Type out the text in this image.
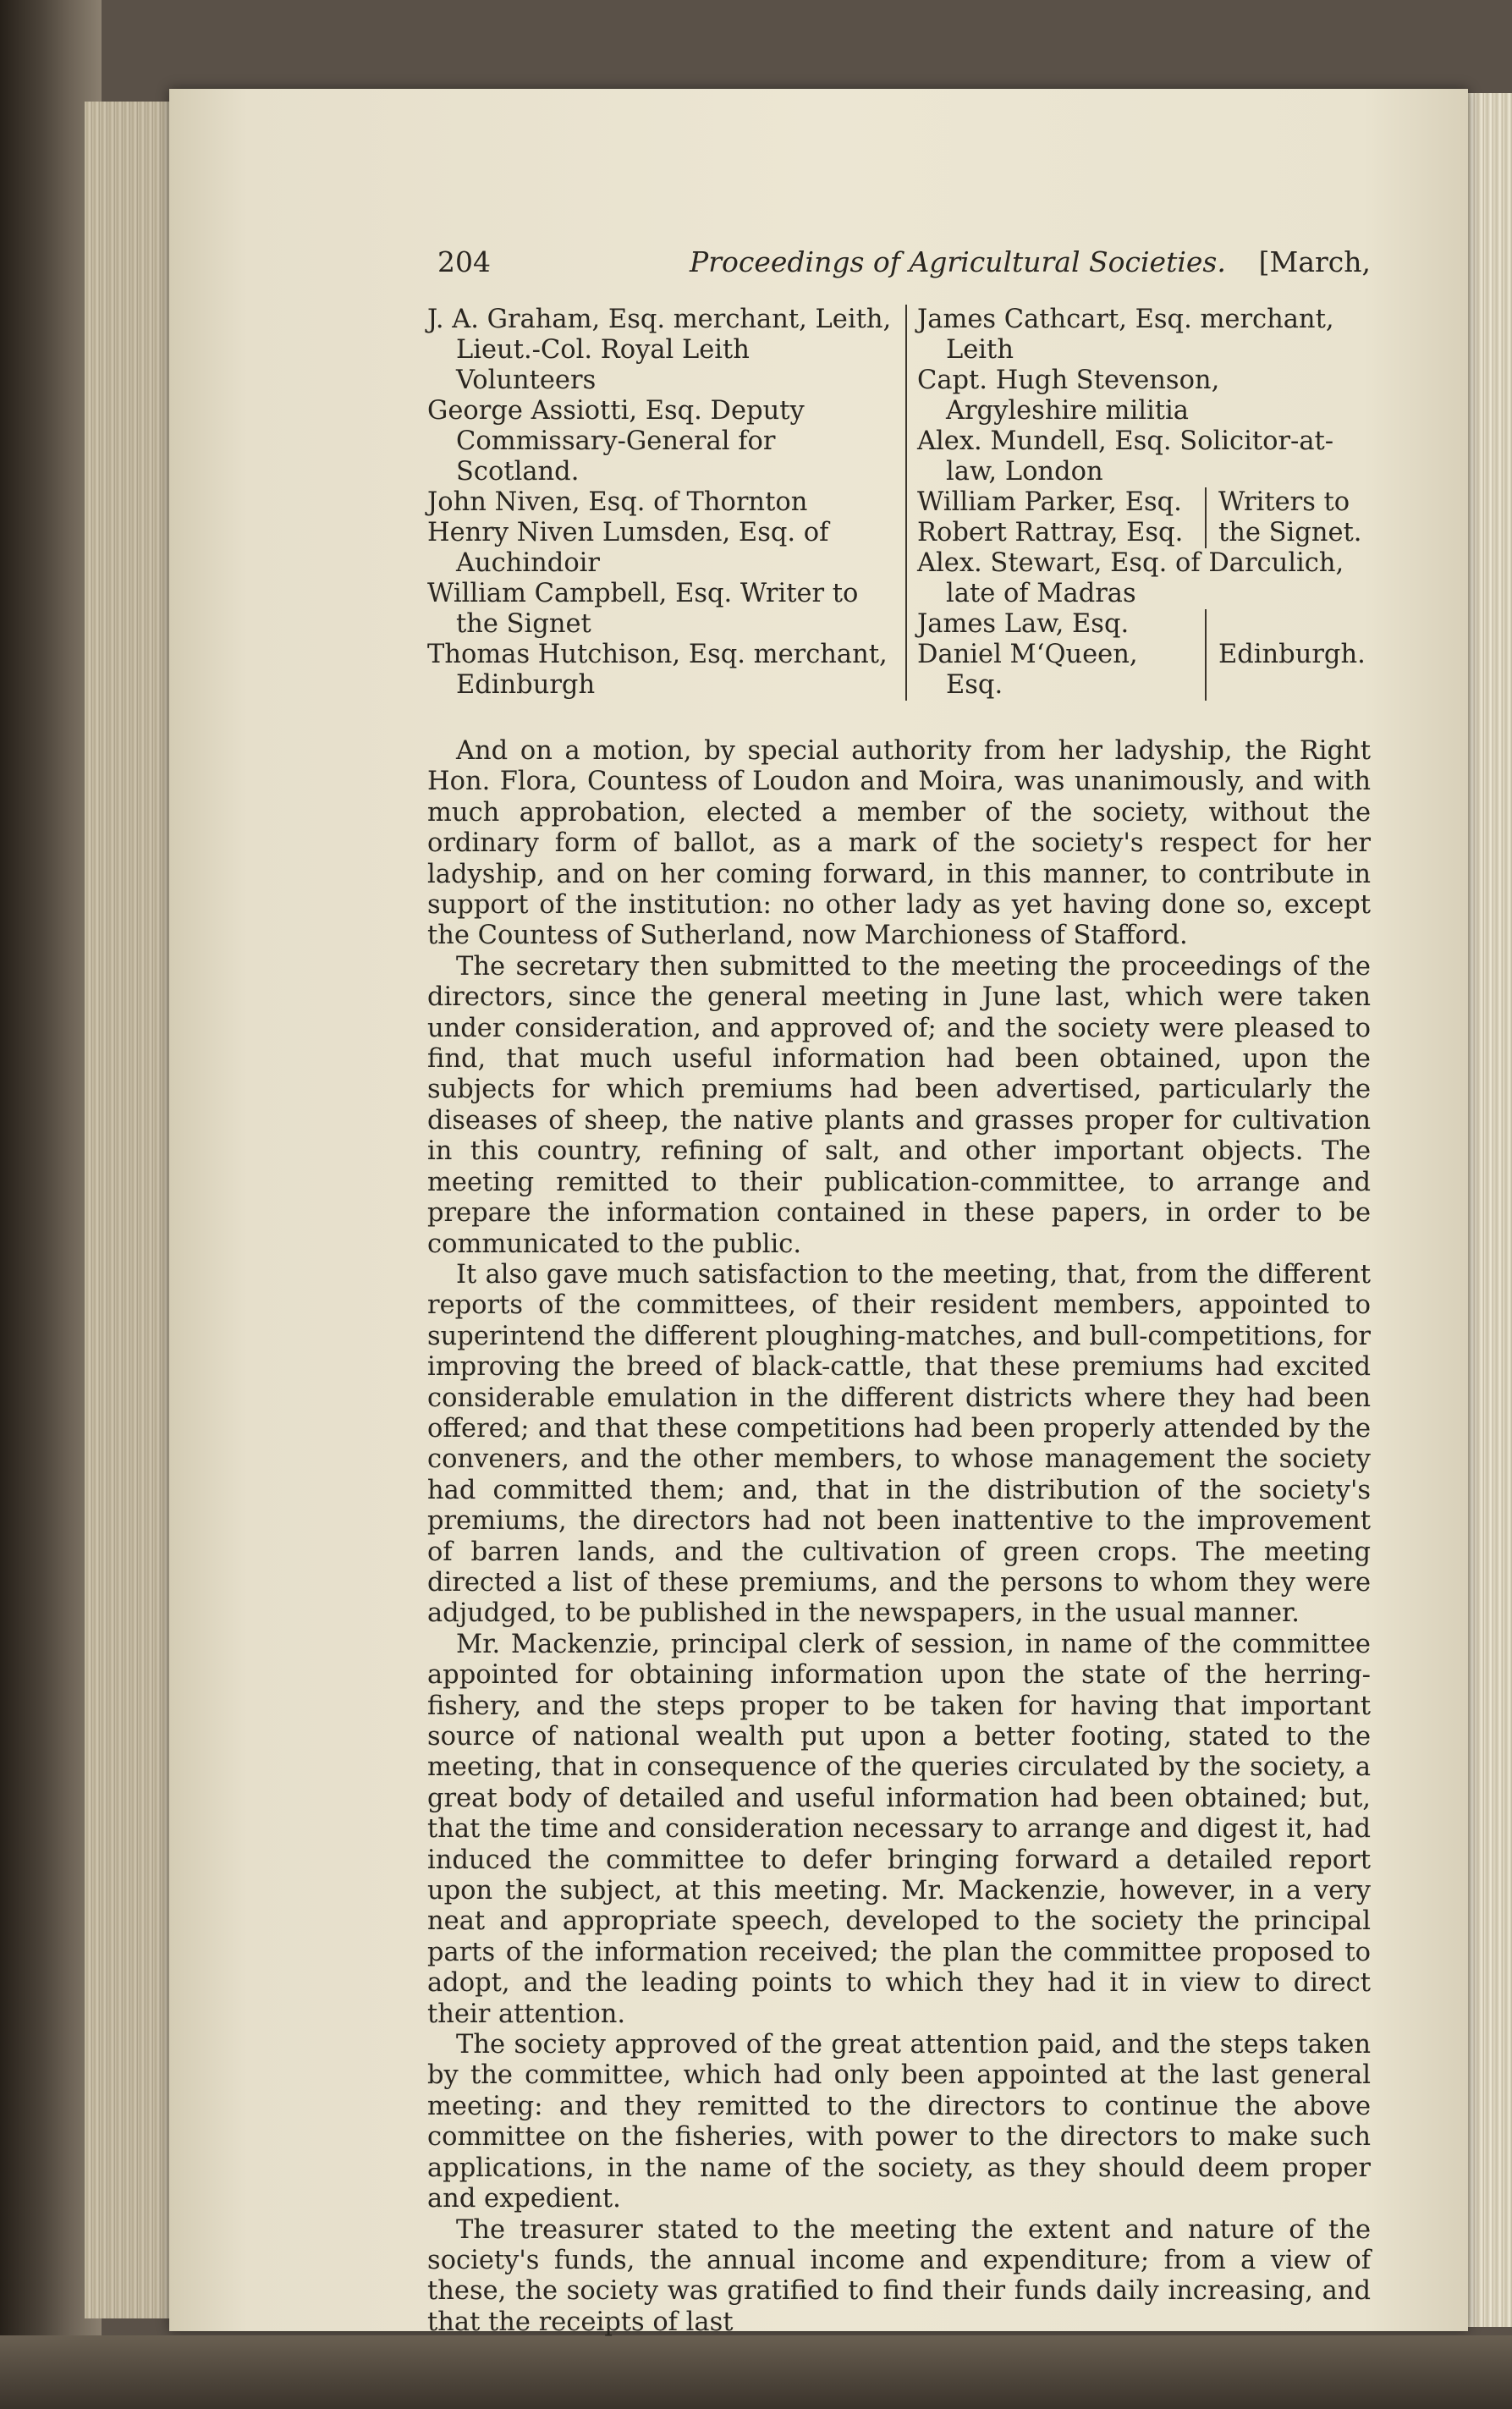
204	Proceedings of Agricultural Societies. [March,
J. A. Graham, Esq. merchant, Leith, Lieut.-Col. Royal Leith Volunteers
George Assiotti, Esq. Deputy Commissary-General for Scotland.
John Niven, Esq. of Thornton
Henry Niven Lumsden, Esq. of Auchindoir
William Campbell, Esq. Writer to the Signet
Thomas Hutchison, Esq. merchant, Edinburgh
James Cathcart, Esq. merchant, Leith
Capt. Hugh Stevenson, Argyleshire militia
Alex. Mundell, Esq. Solicitor-at-law, London
William Parker, Esq.
Robert Rattray, Esq.
Writers to the Signet.
Alex. Stewart, Esq. of Darculich, late of Madras
James Law, Esq.
Daniel M‘Queen, Esq.
Edinburgh.

And on a motion, by special authority from her ladyship, the Right Hon. Flora, Countess of Loudon and Moira, was unanimously, and with much approbation, elected a member of the society, without the ordinary form of ballot, as a mark of the society's respect for her ladyship, and on her coming forward, in this manner, to contribute in support of the institution: no other lady as yet having done so, except the Countess of Sutherland, now Marchioness of Stafford.

The secretary then submitted to the meeting the proceedings of the directors, since the general meeting in June last, which were taken under consideration, and approved of; and the society were pleased to find, that much useful information had been obtained, upon the subjects for which premiums had been advertised, particularly the diseases of sheep, the native plants and grasses proper for cultivation in this country, refining of salt, and other important objects. The meeting remitted to their publication-committee, to arrange and prepare the information contained in these papers, in order to be communicated to the public.

It also gave much satisfaction to the meeting, that, from the different reports of the committees, of their resident members, appointed to superintend the different ploughing-matches, and bull-competitions, for improving the breed of black-cattle, that these premiums had excited considerable emulation in the different districts where they had been offered; and that these competitions had been properly attended by the conveners, and the other members, to whose management the society had committed them; and, that in the distribution of the society's premiums, the directors had not been inattentive to the improvement of barren lands, and the cultivation of green crops. The meeting directed a list of these premiums, and the persons to whom they were adjudged, to be published in the newspapers, in the usual manner.

Mr. Mackenzie, principal clerk of session, in name of the committee appointed for obtaining information upon the state of the herring-fishery, and the steps proper to be taken for having that important source of national wealth put upon a better footing, stated to the meeting, that in consequence of the queries circulated by the society, a great body of detailed and useful information had been obtained; but, that the time and consideration necessary to arrange and digest it, had induced the committee to defer bringing forward a detailed report upon the subject, at this meeting. Mr. Mackenzie, however, in a very neat and appropriate speech, developed to the society the principal parts of the information received; the plan the committee proposed to adopt, and the leading points to which they had it in view to direct their attention.

The society approved of the great attention paid, and the steps taken by the committee, which had only been appointed at the last general meeting: and they remitted to the directors to continue the above committee on the fisheries, with power to the directors to make such applications, in the name of the society, as they should deem proper and expedient.

The treasurer stated to the meeting the extent and nature of the society's funds, the annual income and expenditure; from a view of these, the society was gratified to find their funds daily increasing, and that the receipts of last
